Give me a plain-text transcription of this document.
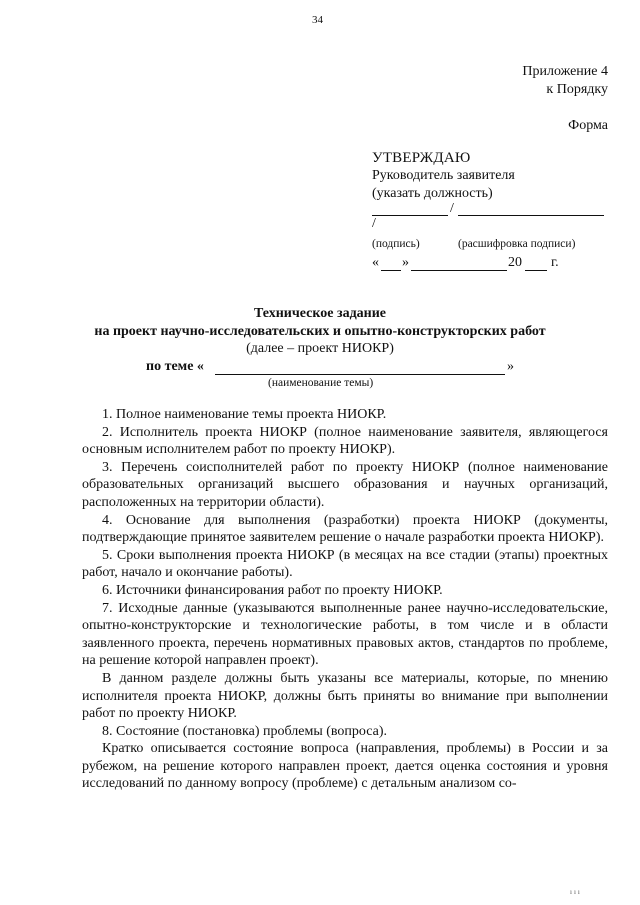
34
Приложение 4
к Порядку
Форма
УТВЕРЖДАЮ
Руководитель заявителя
(указать должность)
/
/
(подпись)	(расшифровка подписи)
« »	20 г.
Техническое задание
на проект научно-исследовательских и опытно-конструкторских работ
(далее – проект НИОКР)
по теме «	»
(наименование темы)

1. Полное наименование темы проекта НИОКР.

2. Исполнитель проекта НИОКР (полное наименование заявителя, являющегося основным исполнителем работ по проекту НИОКР).

3. Перечень соисполнителей работ по проекту НИОКР (полное наименование образовательных организаций высшего образования и научных организаций, расположенных на территории области).

4. Основание для выполнения (разработки) проекта НИОКР (документы, подтверждающие принятое заявителем решение о начале разработки проекта НИОКР).

5. Сроки выполнения проекта НИОКР (в месяцах на все стадии (этапы) проектных работ, начало и окончание работы).

6. Источники финансирования работ по проекту НИОКР.

7. Исходные данные (указываются выполненные ранее научно-исследовательские, опытно-конструкторские и технологические работы, в том числе и в области заявленного проекта, перечень нормативных правовых актов, стандартов по проблеме, на решение которой направлен проект).

В данном разделе должны быть указаны все материалы, которые, по мнению исполнителя проекта НИОКР, должны быть приняты во внимание при выполнении работ по проекту НИОКР.

8. Состояние (постановка) проблемы (вопроса).

Кратко описывается состояние вопроса (направления, проблемы) в России и за рубежом, на решение которого направлен проект, дается оценка состояния и уровня исследований по данному вопросу (проблеме) с детальным анализом со-

ııı
